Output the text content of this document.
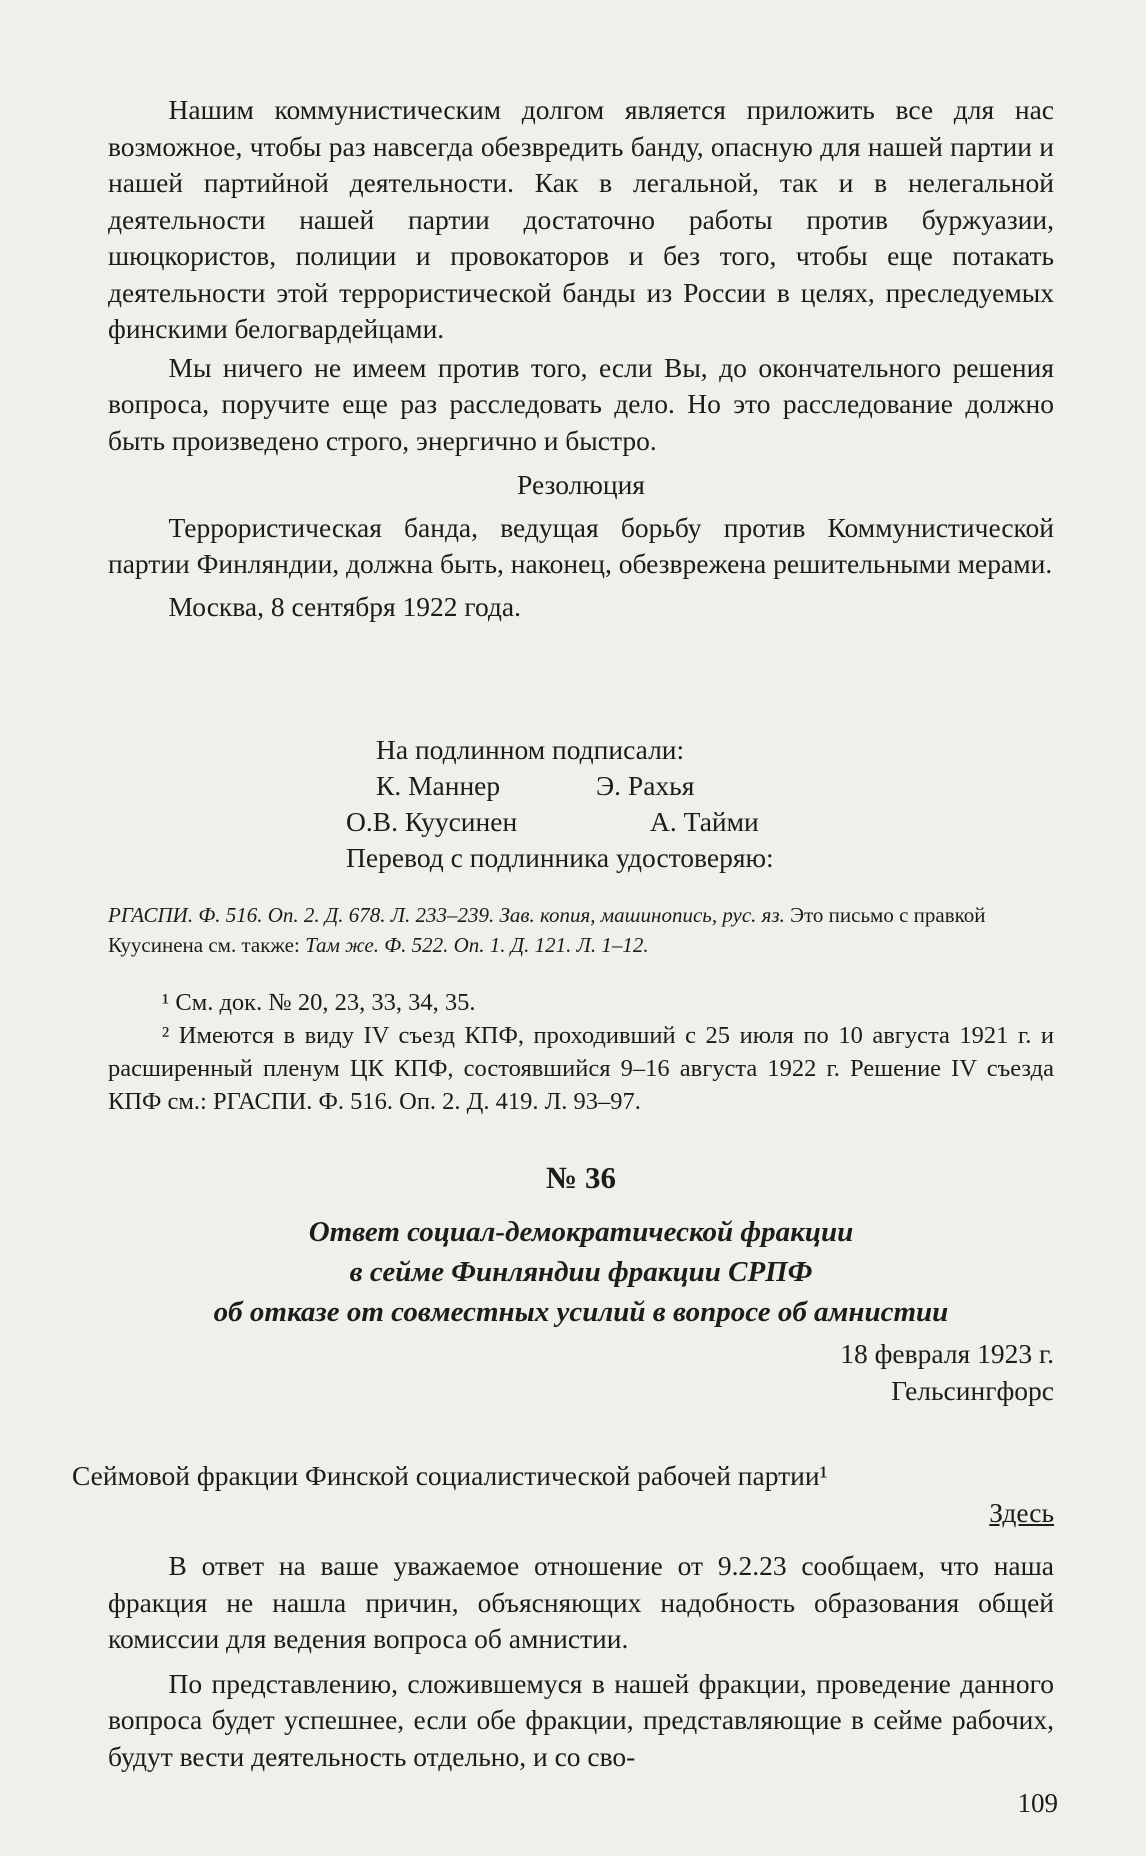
Нашим коммунистическим долгом является приложить все для нас возможное, чтобы раз навсегда обезвредить банду, опасную для нашей партии и нашей партийной деятельности. Как в легальной, так и в нелегальной деятельности нашей партии достаточно работы против буржуазии, шюцкористов, полиции и провокаторов и без того, чтобы еще потакать деятельности этой террористической банды из России в целях, преследуемых финскими белогвардейцами.

Мы ничего не имеем против того, если Вы, до окончательного решения вопроса, поручите еще раз расследовать дело. Но это расследование должно быть произведено строго, энергично и быстро.

Резолюция

Террористическая банда, ведущая борьбу против Коммунистической партии Финляндии, должна быть, наконец, обезврежена решительными мерами.

Москва, 8 сентября 1922 года.

На подлинном подписали:
К. Маннер	Э. Рахья
О.В. Куусинен	А. Тайми
Перевод с подлинника удостоверяю:
РГАСПИ. Ф. 516. Оп. 2. Д. 678. Л. 233–239. Зав. копия, машинопись, рус. яз. Это письмо с правкой Куусинена см. также: Там же. Ф. 522. Оп. 1. Д. 121. Л. 1–12.

¹ См. док. № 20, 23, 33, 34, 35.

² Имеются в виду IV съезд КПФ, проходивший с 25 июля по 10 августа 1921 г. и расширенный пленум ЦК КПФ, состоявшийся 9–16 августа 1922 г. Решение IV съезда КПФ см.: РГАСПИ. Ф. 516. Оп. 2. Д. 419. Л. 93–97.

№ 36

Ответ социал-демократической фракции

в сейме Финляндии фракции СРПФ

об отказе от совместных усилий в вопросе об амнистии

18 февраля 1923 г.

Гельсингфорс

Сеймовой фракции Финской социалистической рабочей партии¹

Здесь

В ответ на ваше уважаемое отношение от 9.2.23 сообщаем, что наша фракция не нашла причин, объясняющих надобность образования общей комиссии для ведения вопроса об амнистии.

По представлению, сложившемуся в нашей фракции, проведение данного вопроса будет успешнее, если обе фракции, представляющие в сейме рабочих, будут вести деятельность отдельно, и со сво-

109
